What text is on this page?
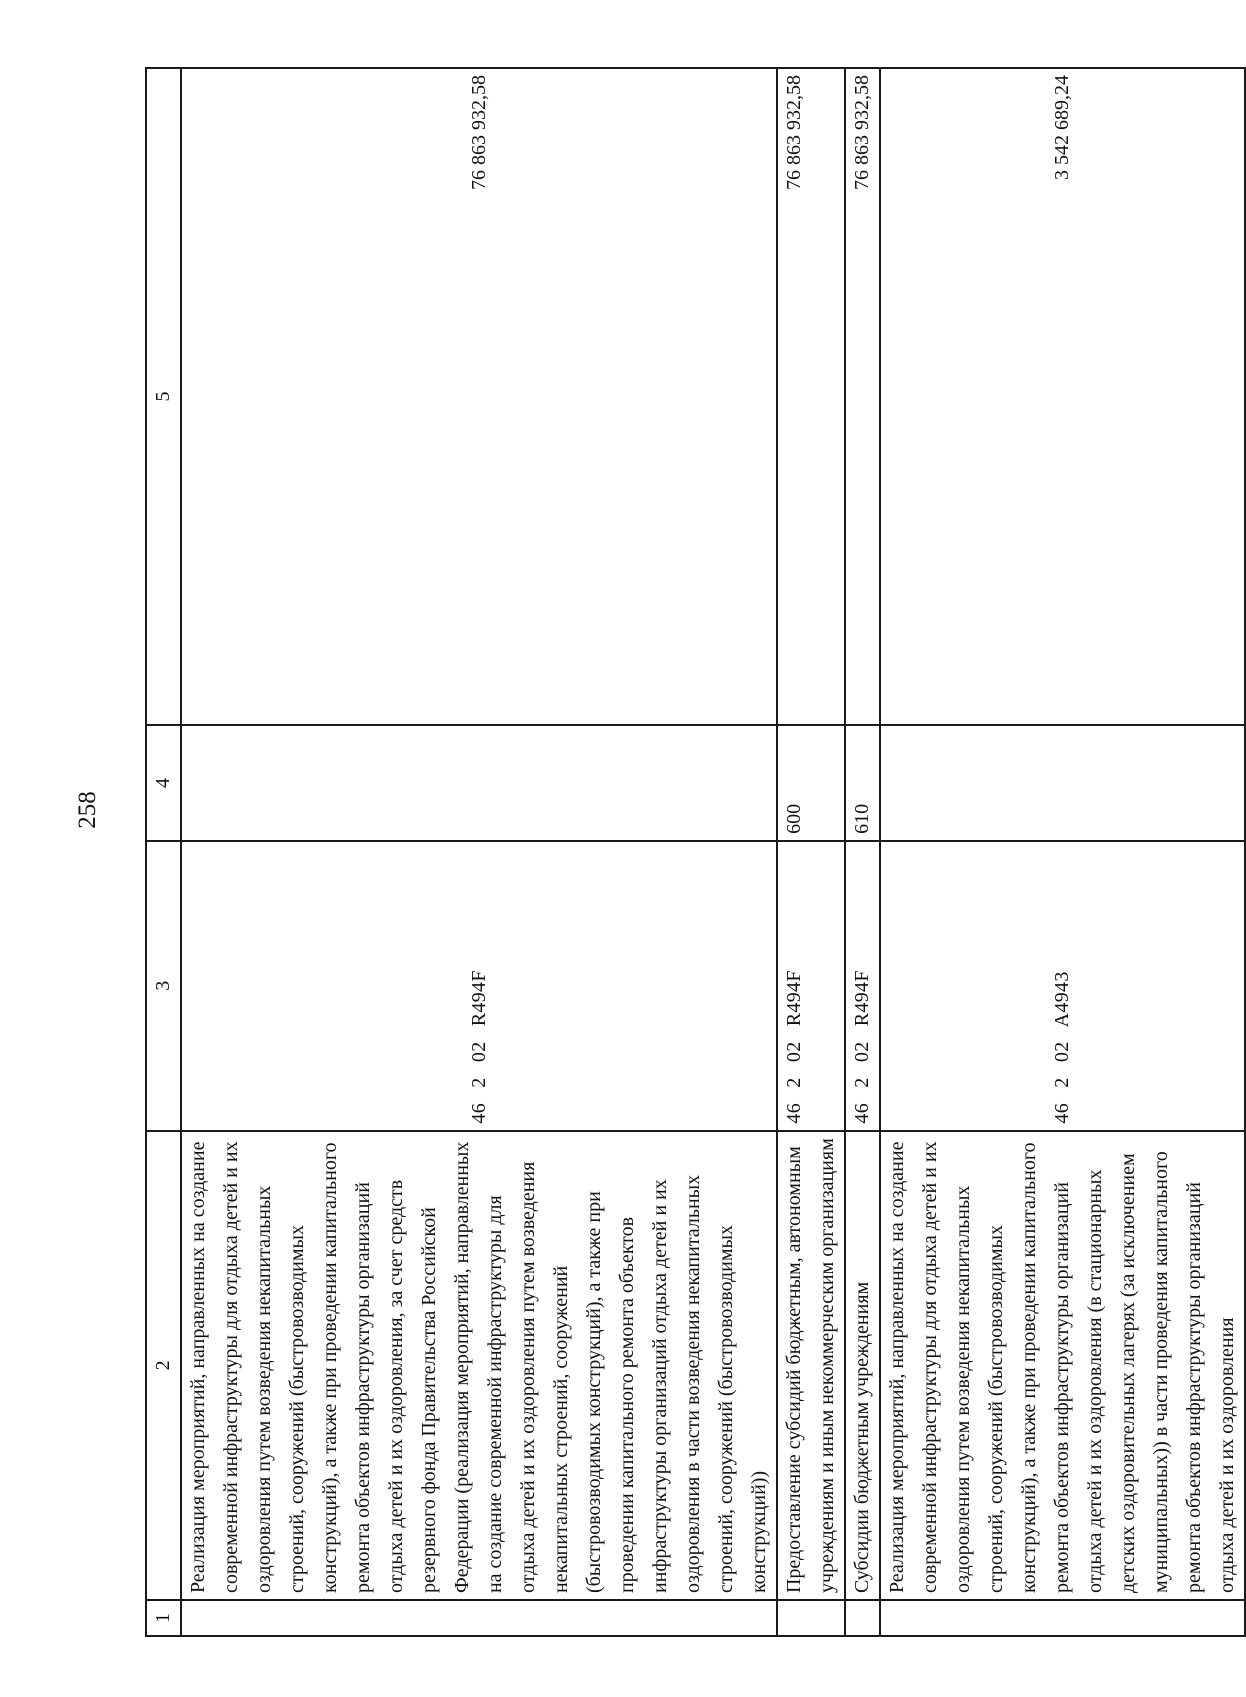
258
1	2	3	4	5
	Реализация мероприятий, направленных на создание современной инфраструктуры для отдыха детей и их оздоровления путем возведения некапитальных строений, сооружений (быстровозводимых конструкций), а также при проведении капитального ремонта объектов инфраструктуры организаций отдыха детей и их оздоровления, за счет средств резервного фонда Правительства Российской Федерации (реализация мероприятий, направленных на создание современной инфраструктуры для отдыха детей и их оздоровления путем возведения некапитальных строений, сооружений (быстровозводимых конструкций), а также при проведении капитального ремонта объектов инфраструктуры организаций отдыха детей и их оздоровления в части возведения некапитальных строений, сооружений (быстровозводимых конструкций))	46 2 02 R494F		76 863 932,58
	Предоставление субсидий бюджетным, автономным учреждениям и иным некоммерческим организациям	46 2 02 R494F	600	76 863 932,58
	Субсидии бюджетным учреждениям	46 2 02 R494F	610	76 863 932,58
	Реализация мероприятий, направленных на создание современной инфраструктуры для отдыха детей и их оздоровления путем возведения некапитальных строений, сооружений (быстровозводимых конструкций), а также при проведении капитального ремонта объектов инфраструктуры организаций отдыха детей и их оздоровления (в стационарных детских оздоровительных лагерях (за исключением муниципальных)) в части проведения капитального ремонта объектов инфраструктуры организаций отдыха детей и их оздоровления	46 2 02 A4943		3 542 689,24
